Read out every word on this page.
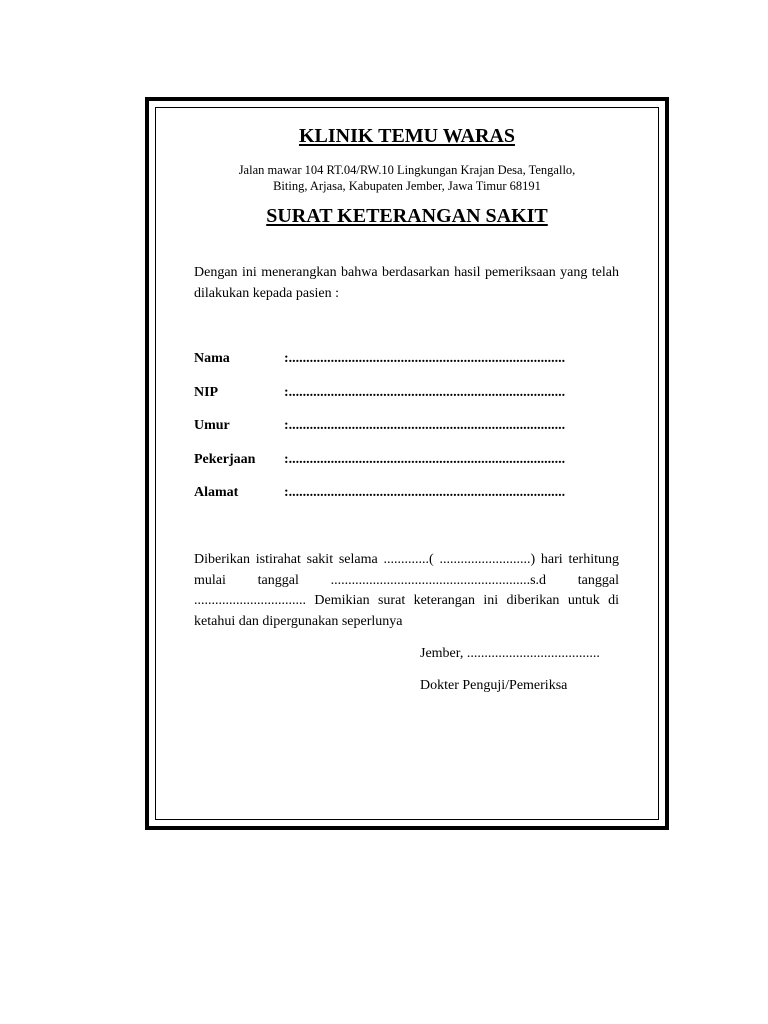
KLINIK TEMU WARAS
Jalan mawar 104 RT.04/RW.10 Lingkungan Krajan Desa, Tengallo,
Biting, Arjasa, Kabupaten Jember, Jawa Timur 68191
SURAT KETERANGAN SAKIT
Dengan ini menerangkan bahwa berdasarkan hasil pemeriksaan yang telah dilakukan kepada pasien :
Nama	:...............................................................................
NIP	:...............................................................................
Umur	:...............................................................................
Pekerjaan	:...............................................................................
Alamat	:...............................................................................
Diberikan istirahat sakit selama .............( ..........................) hari terhitung mulai tanggal .........................................................s.d tanggal ................................ Demikian surat keterangan ini diberikan untuk di ketahui dan dipergunakan seperlunya
Jember, ......................................
Dokter Penguji/Pemeriksa
